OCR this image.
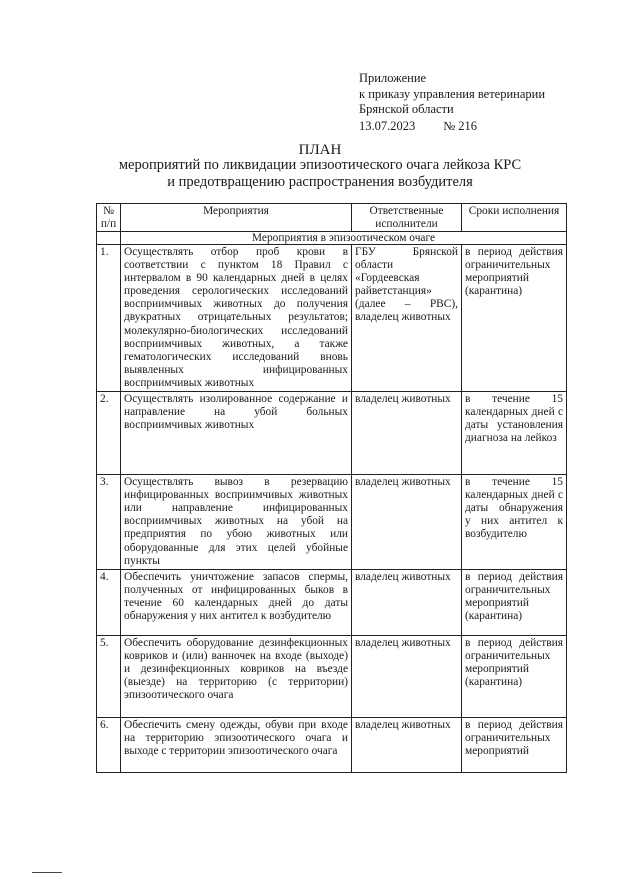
Приложение
к приказу управления ветеринарии
Брянской области
13.07.2023 № 216
ПЛАН
мероприятий по ликвидации эпизоотического очага лейкоза КРС
и предотвращению распространения возбудителя
№ п/п	Мероприятия	Ответственные исполнители	Сроки исполнения
	Мероприятия в эпизоотическом очаге		
1.	Осуществлять отбор проб крови в соответствии с пунктом 18 Правил с интервалом в 90 календарных дней в целях проведения серологических исследований восприимчивых животных до получения двукратных отрицательных результатов; молекулярно-биологических исследований восприимчивых животных, а также гематологических исследований вновь выявленных инфицированных восприимчивых животных	ГБУ Брянской области «Гордеевская райветстанция» (далее – РВС), владелец животных	в период действия ограничительных мероприятий (карантина)
2.	Осуществлять изолированное содержание и направление на убой больных восприимчивых животных	владелец животных	в течение 15 календарных дней с даты установления диагноза на лейкоз
3.	Осуществлять вывоз в резервацию инфицированных восприимчивых животных или направление инфицированных восприимчивых животных на убой на предприятия по убою животных или оборудованные для этих целей убойные пункты	владелец животных	в течение 15 календарных дней с даты обнаружения у них антител к возбудителю
4.	Обеспечить уничтожение запасов спермы, полученных от инфицированных быков в течение 60 календарных дней до даты обнаружения у них антител к возбудителю	владелец животных	в период действия ограничительных мероприятий (карантина)
5.	Обеспечить оборудование дезинфекционных ковриков и (или) ванночек на входе (выходе) и дезинфекционных ковриков на въезде (выезде) на территорию (с территории) эпизоотического очага	владелец животных	в период действия ограничительных мероприятий (карантина)
6.	Обеспечить смену одежды, обуви при входе на территорию эпизоотического очага и выходе с территории эпизоотического очага	владелец животных	в период действия ограничительных мероприятий
